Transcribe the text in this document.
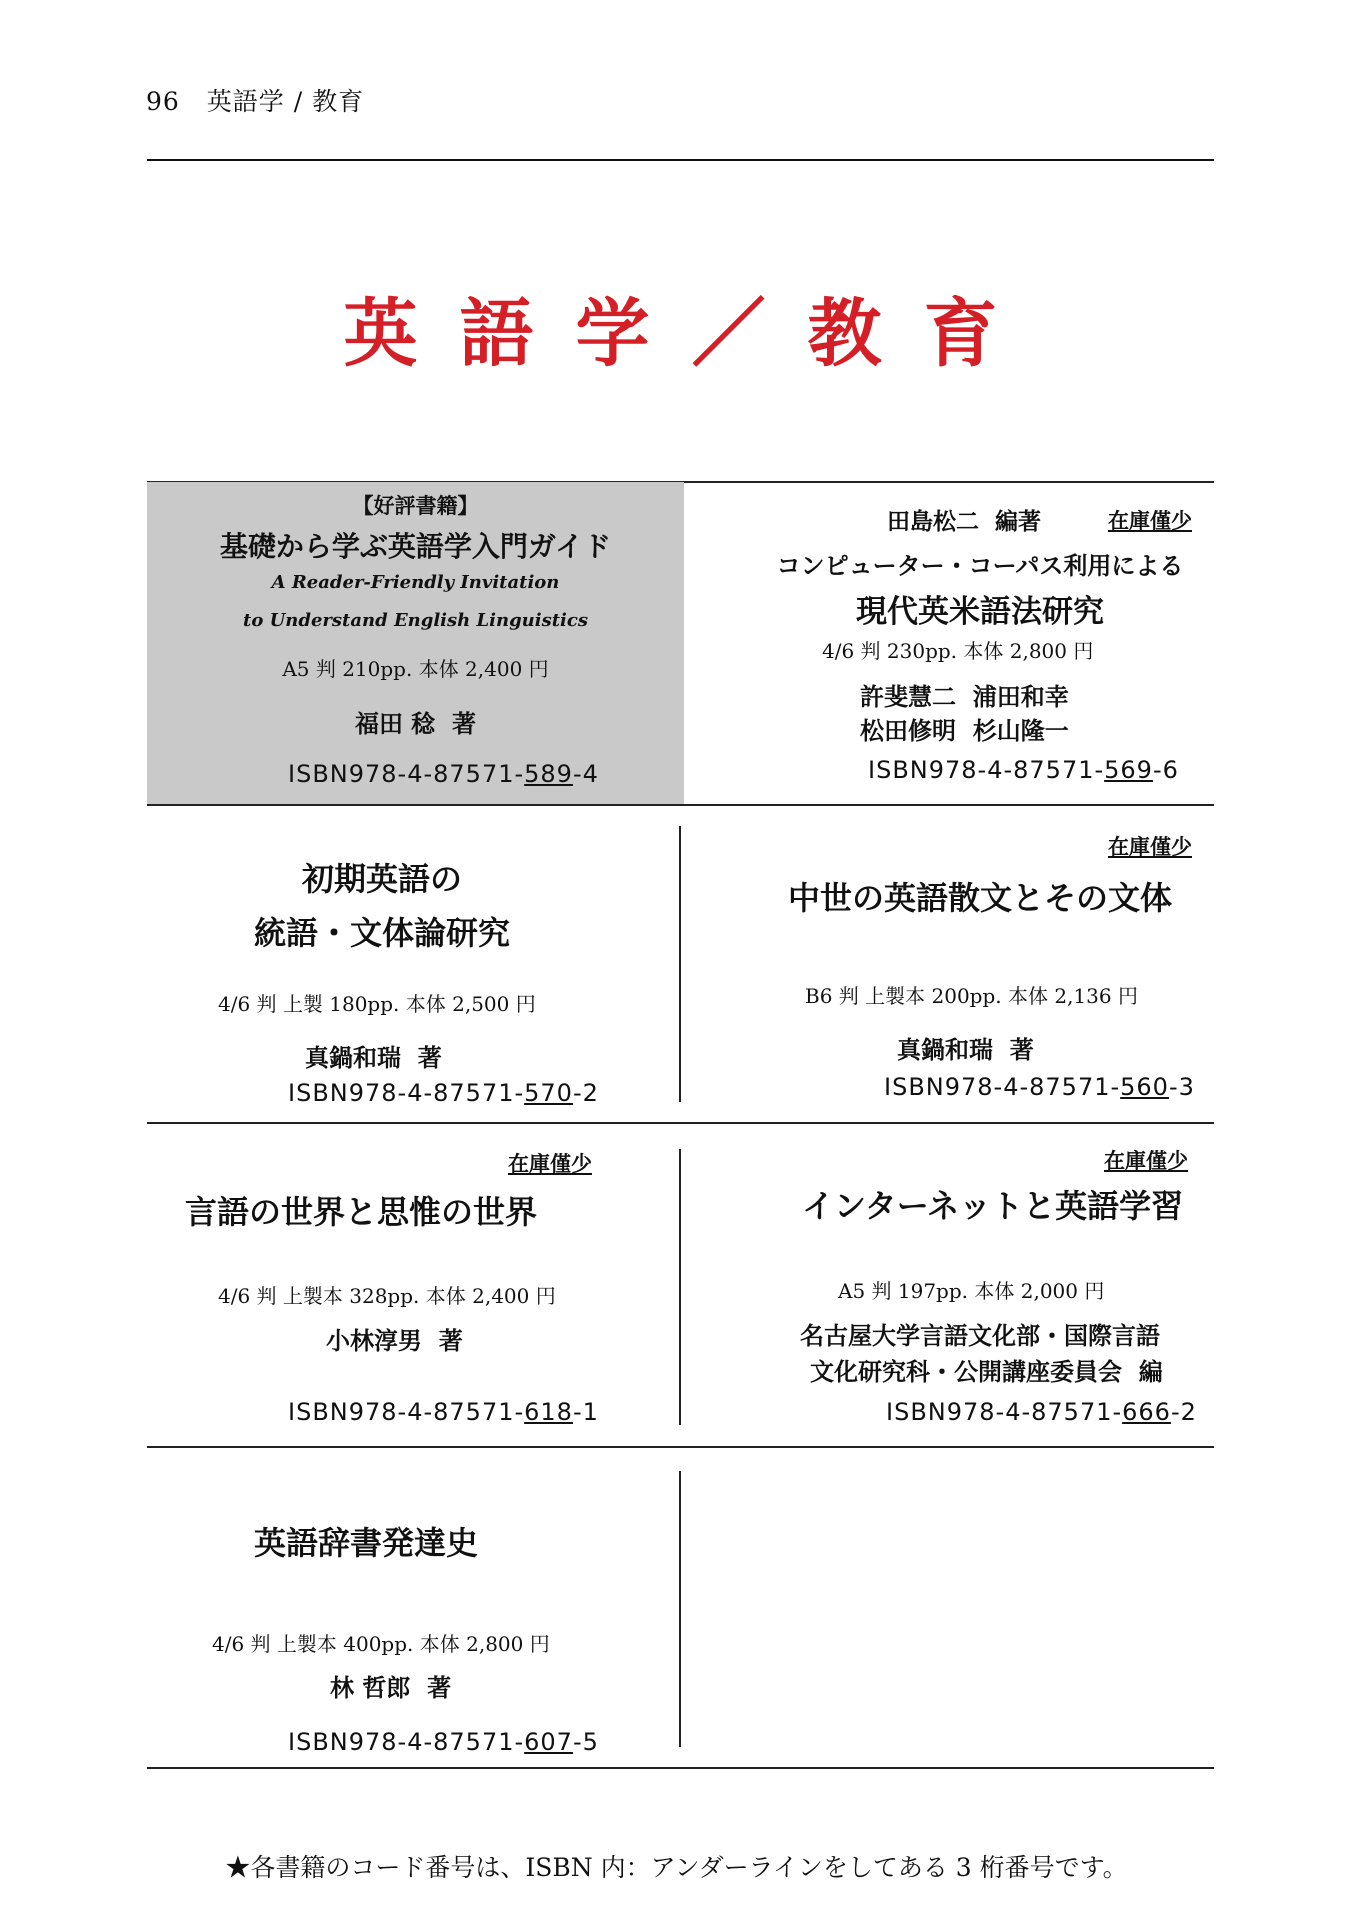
96 英語学 / 教育
英語学／教育
【好評書籍】
基礎から学ぶ英語学入門ガイド
A Reader-Friendly Invitation
to Understand English Linguistics
A5 判 210pp. 本体 2,400 円
福田 稔  著
ISBN978-4-87571-589-4
田島松二  編著	在庫僅少
コンピューター・コーパス利用による
現代英米語法研究
4/6 判 230pp. 本体 2,800 円
許斐慧二  浦田和幸
松田修明  杉山隆一
ISBN978-4-87571-569-6
初期英語の
統語・文体論研究
4/6 判 上製 180pp. 本体 2,500 円
真鍋和瑞  著
ISBN978-4-87571-570-2
在庫僅少
中世の英語散文とその文体
B6 判 上製本 200pp. 本体 2,136 円
真鍋和瑞  著
ISBN978-4-87571-560-3
在庫僅少
言語の世界と思惟の世界
4/6 判 上製本 328pp. 本体 2,400 円
小林淳男  著
ISBN978-4-87571-618-1
在庫僅少
インターネットと英語学習
A5 判 197pp. 本体 2,000 円
名古屋大学言語文化部・国際言語
文化研究科・公開講座委員会  編
ISBN978-4-87571-666-2
英語辞書発達史
4/6 判 上製本 400pp. 本体 2,800 円
林 哲郎  著
ISBN978-4-87571-607-5
★各書籍のコード番号は、ISBN 内：アンダーラインをしてある 3 桁番号です。
